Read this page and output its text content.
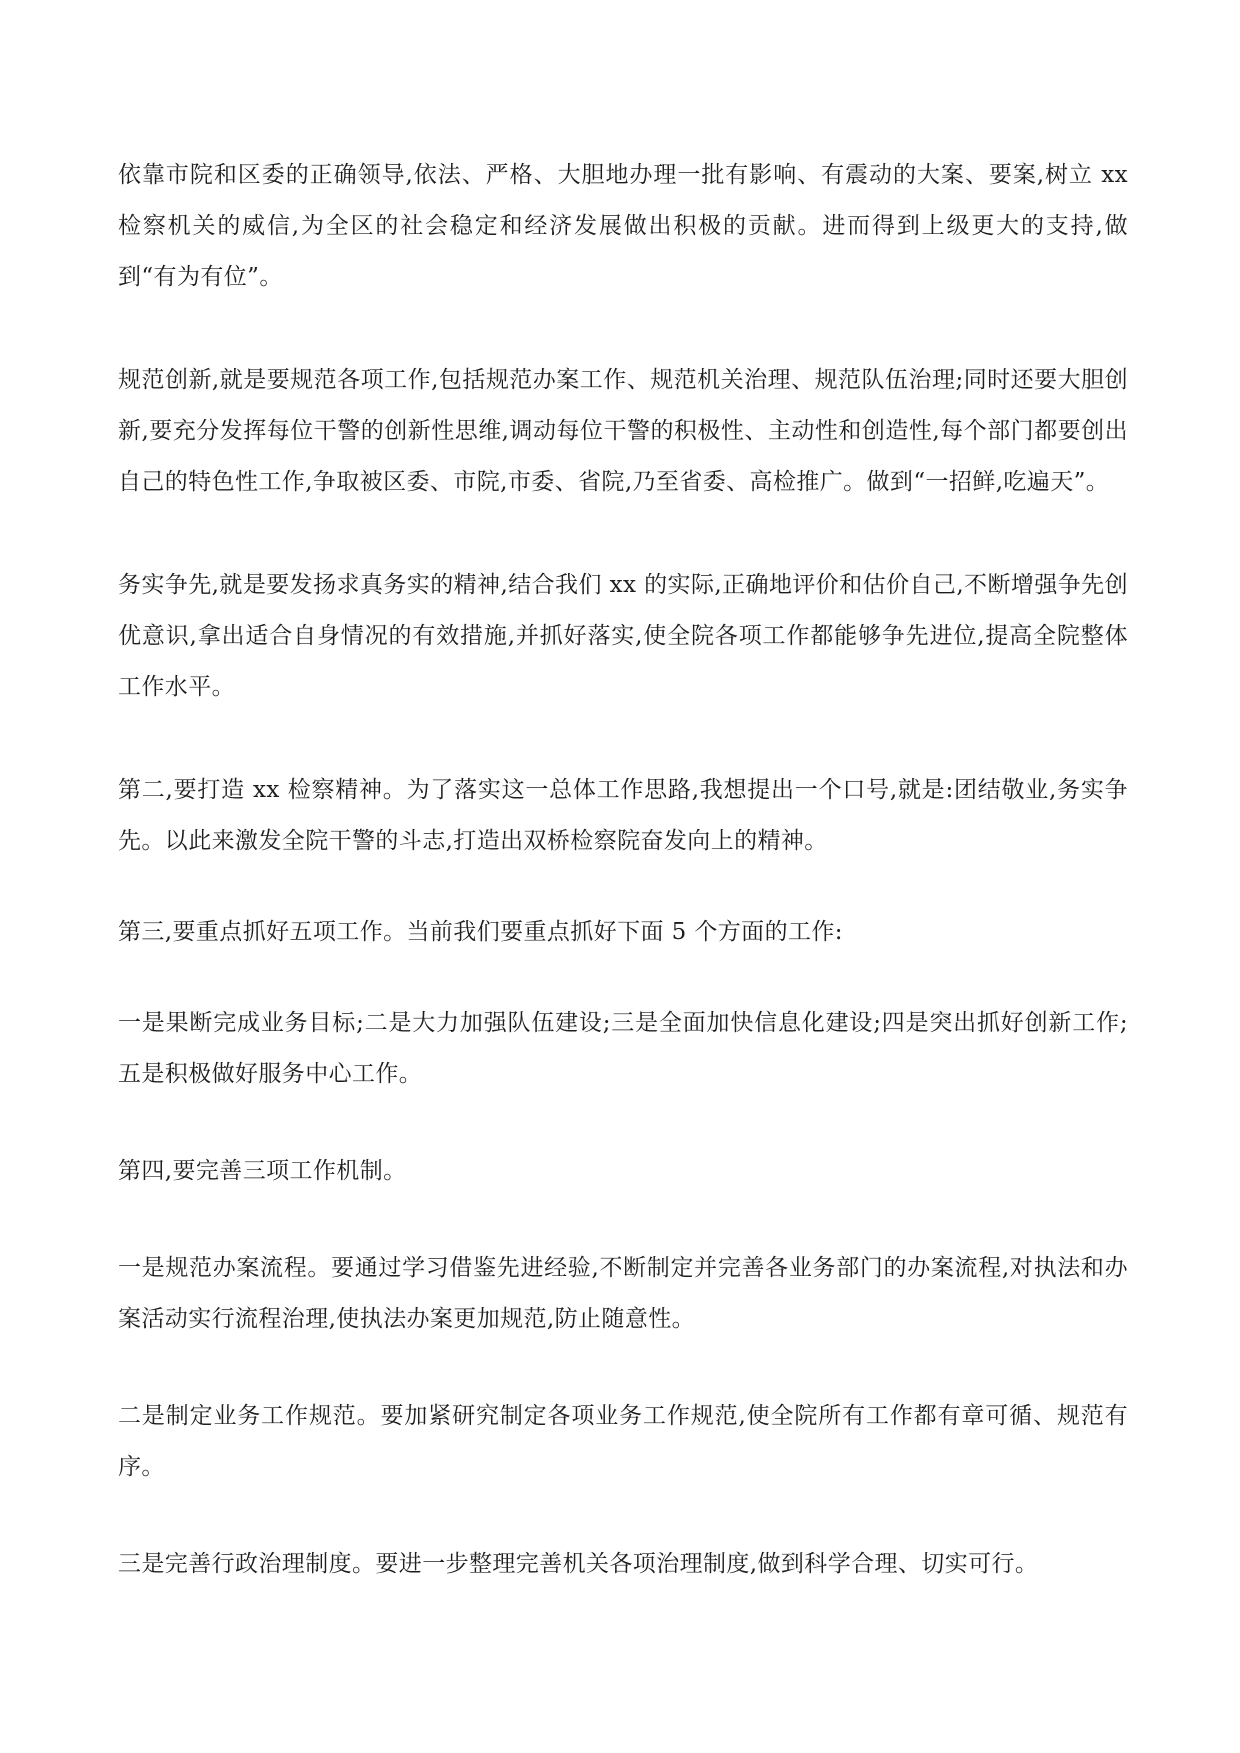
依靠市院和区委的正确领导,依法、严格、大胆地办理一批有影响、有震动的大案、要案,树立 xx 检察机关的威信,为全区的社会稳定和经济发展做出积极的贡献。进而得到上级更大的支持,做到“有为有位”。

规范创新,就是要规范各项工作,包括规范办案工作、规范机关治理、规范队伍治理;同时还要大胆创新,要充分发挥每位干警的创新性思维,调动每位干警的积极性、主动性和创造性,每个部门都要创出自己的特色性工作,争取被区委、市院,市委、省院,乃至省委、高检推广。做到“一招鲜,吃遍天”。

务实争先,就是要发扬求真务实的精神,结合我们 xx 的实际,正确地评价和估价自己,不断增强争先创优意识,拿出适合自身情况的有效措施,并抓好落实,使全院各项工作都能够争先进位,提高全院整体工作水平。

第二,要打造 xx 检察精神。为了落实这一总体工作思路,我想提出一个口号,就是:团结敬业,务实争先。以此来激发全院干警的斗志,打造出双桥检察院奋发向上的精神。

第三,要重点抓好五项工作。当前我们要重点抓好下面 5 个方面的工作:

一是果断完成业务目标;二是大力加强队伍建设;三是全面加快信息化建设;四是突出抓好创新工作;五是积极做好服务中心工作。

第四,要完善三项工作机制。

一是规范办案流程。要通过学习借鉴先进经验,不断制定并完善各业务部门的办案流程,对执法和办案活动实行流程治理,使执法办案更加规范,防止随意性。

二是制定业务工作规范。要加紧研究制定各项业务工作规范,使全院所有工作都有章可循、规范有序。

三是完善行政治理制度。要进一步整理完善机关各项治理制度,做到科学合理、切实可行。
